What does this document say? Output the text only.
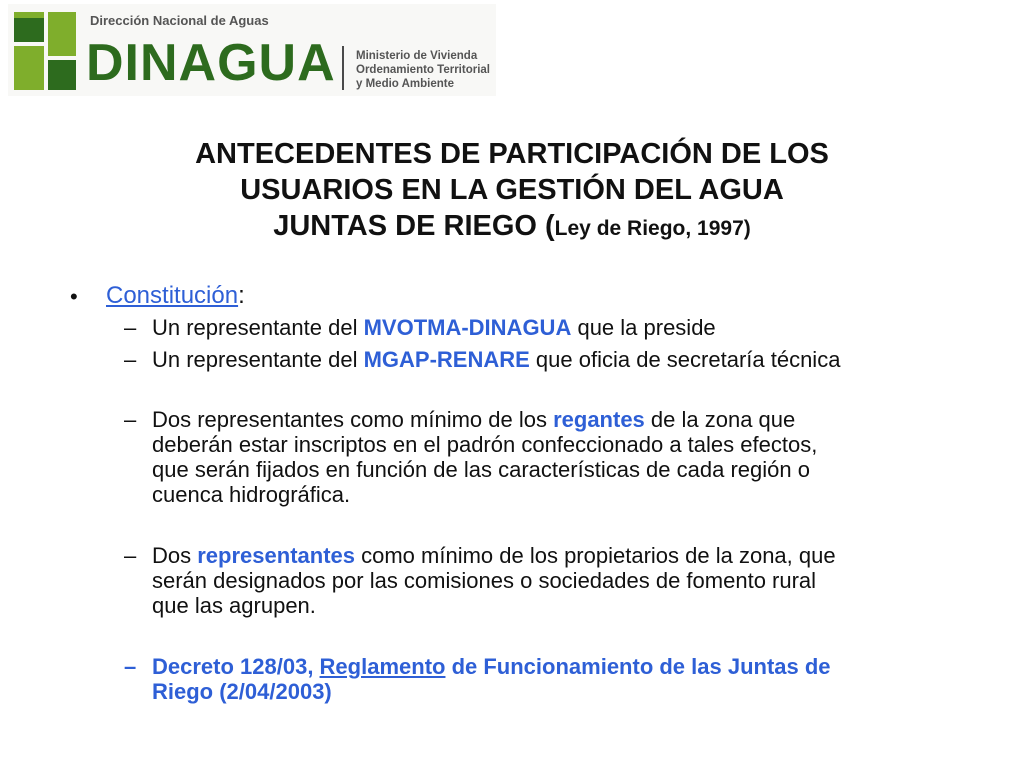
Dirección Nacional de Aguas
DINAGUA Ministerio de Vivienda
Ordenamiento Territorial
y Medio Ambiente
ANTECEDENTES DE PARTICIPACIÓN DE LOS
USUARIOS EN LA GESTIÓN DEL AGUA
JUNTAS DE RIEGO (Ley de Riego, 1997)
• Constitución:
– Un representante del MVOTMA-DINAGUA que la preside
– Un representante del MGAP-RENARE que oficia de secretaría técnica
– Dos representantes como mínimo de los regantes de la zona que
deberán estar inscriptos en el padrón confeccionado a tales efectos,
que serán fijados en función de las características de cada región o
cuenca hidrográfica.
– Dos representantes como mínimo de los propietarios de la zona, que
serán designados por las comisiones o sociedades de fomento rural
que las agrupen.
– Decreto 128/03, Reglamento de Funcionamiento de las Juntas de
Riego (2/04/2003)
